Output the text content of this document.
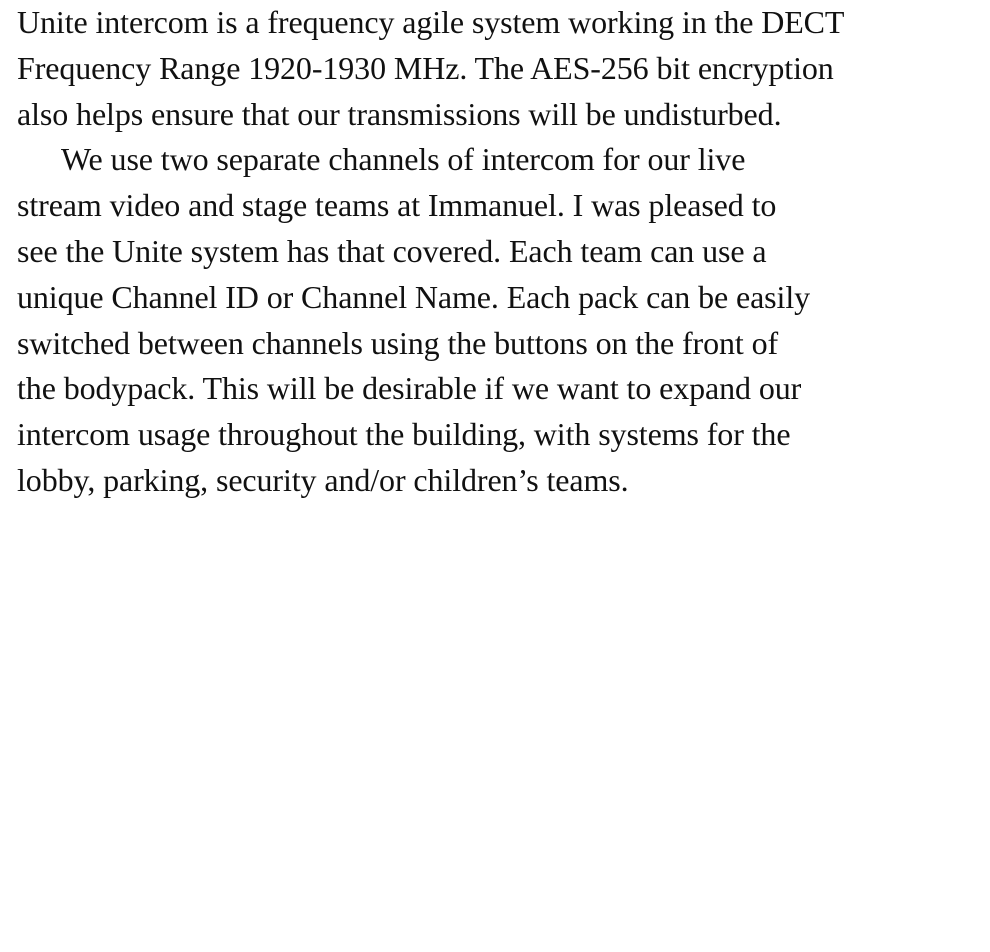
Unite intercom is a frequency agile system working in the DECT
Frequency Range 1920-1930 MHz. The AES-256 bit encryption
also helps ensure that our transmissions will be undisturbed.
We use two separate channels of intercom for our live
stream video and stage teams at Immanuel. I was pleased to
see the Unite system has that covered. Each team can use a
unique Channel ID or Channel Name. Each pack can be easily
switched between channels using the buttons on the front of
the bodypack. This will be desirable if we want to expand our
intercom usage throughout the building, with systems for the
lobby, parking, security and/or children’s teams.
